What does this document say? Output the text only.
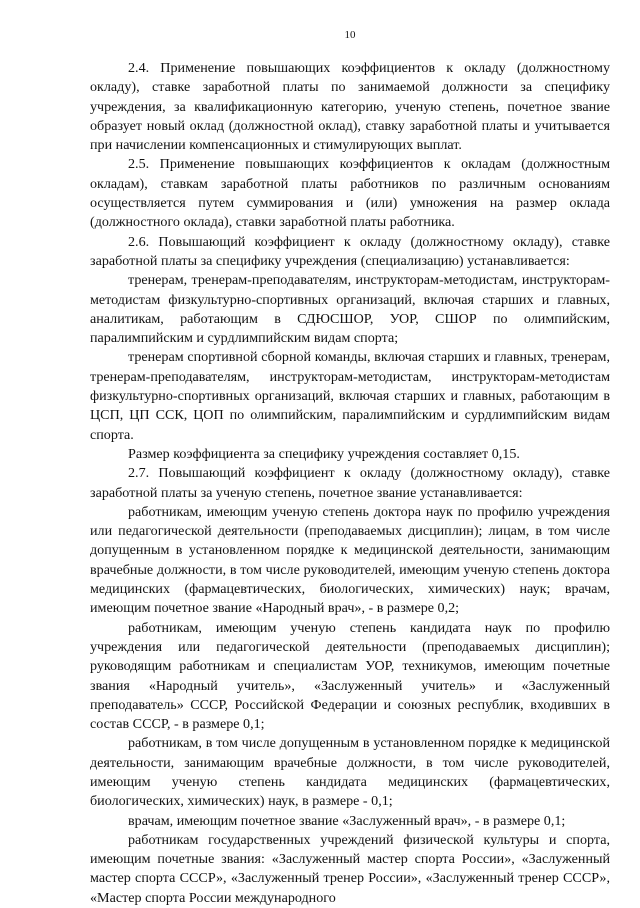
10

2.4. Применение повышающих коэффициентов к окладу (должностному окладу), ставке заработной платы по занимаемой должности за специфику учреждения, за квалификационную категорию, ученую степень, почетное звание образует новый оклад (должностной оклад), ставку заработной платы и учитывается при начислении компенсационных и стимулирующих выплат.

2.5. Применение повышающих коэффициентов к окладам (должностным окладам), ставкам заработной платы работников по различным основаниям осуществляется путем суммирования и (или) умножения на размер оклада (должностного оклада), ставки заработной платы работника.

2.6. Повышающий коэффициент к окладу (должностному окладу), ставке заработной платы за специфику учреждения (специализацию) устанавливается:

тренерам, тренерам-преподавателям, инструкторам-методистам, инструкторам-методистам физкультурно-спортивных организаций, включая старших и главных, аналитикам, работающим в СДЮСШОР, УОР, СШОР по олимпийским, паралимпийским и сурдлимпийским видам спорта;

тренерам спортивной сборной команды, включая старших и главных, тренерам, тренерам-преподавателям, инструкторам-методистам, инструкторам-методистам физкультурно-спортивных организаций, включая старших и главных, работающим в ЦСП, ЦП ССК, ЦОП по олимпийским, паралимпийским и сурдлимпийским видам спорта.

Размер коэффициента за специфику учреждения составляет 0,15.

2.7. Повышающий коэффициент к окладу (должностному окладу), ставке заработной платы за ученую степень, почетное звание устанавливается:

работникам, имеющим ученую степень доктора наук по профилю учреждения или педагогической деятельности (преподаваемых дисциплин); лицам, в том числе допущенным в установленном порядке к медицинской деятельности, занимающим врачебные должности, в том числе руководителей, имеющим ученую степень доктора медицинских (фармацевтических, биологических, химических) наук; врачам, имеющим почетное звание «Народный врач», - в размере 0,2;

работникам, имеющим ученую степень кандидата наук по профилю учреждения или педагогической деятельности (преподаваемых дисциплин); руководящим работникам и специалистам УОР, техникумов, имеющим почетные звания «Народный учитель», «Заслуженный учитель» и «Заслуженный преподаватель» СССР, Российской Федерации и союзных республик, входивших в состав СССР, - в размере 0,1;

работникам, в том числе допущенным в установленном порядке к медицинской деятельности, занимающим врачебные должности, в том числе руководителей, имеющим ученую степень кандидата медицинских (фармацевтических, биологических, химических) наук, в размере - 0,1;

врачам, имеющим почетное звание «Заслуженный врач», - в размере 0,1;

работникам государственных учреждений физической культуры и спорта, имеющим почетные звания: «Заслуженный мастер спорта России», «Заслуженный мастер спорта СССР», «Заслуженный тренер России», «Заслуженный тренер СССР», «Мастер спорта России международного
